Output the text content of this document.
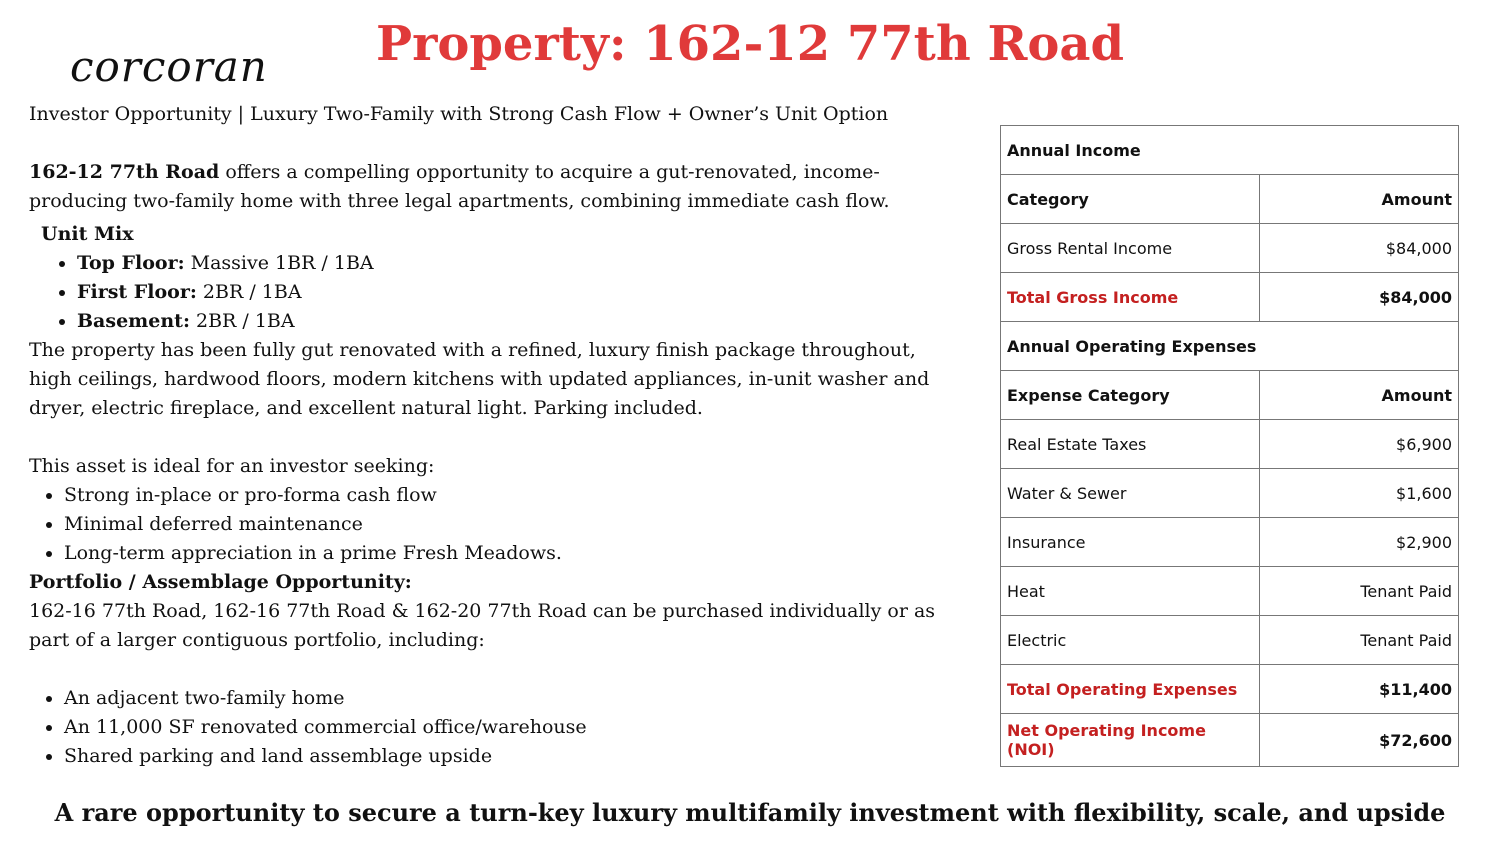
corcoran	Property: 162-12 77th Road

Investor Opportunity | Luxury Two-Family with Strong Cash Flow + Owner’s Unit Option

162-12 77th Road offers a compelling opportunity to acquire a gut-renovated, income-producing two-family home with three legal apartments, combining immediate cash flow.

Unit Mix
• Top Floor: Massive 1BR / 1BA
• First Floor: 2BR / 1BA
• Basement: 2BR / 1BA

The property has been fully gut renovated with a refined, luxury finish package throughout, high ceilings, hardwood floors, modern kitchens with updated appliances, in-unit washer and dryer, electric fireplace, and excellent natural light. Parking included.

This asset is ideal for an investor seeking:

• Strong in-place or pro-forma cash flow
• Minimal deferred maintenance
• Long-term appreciation in a prime Fresh Meadows.

Portfolio / Assemblage Opportunity:

162-16 77th Road, 162-16 77th Road & 162-20 77th Road can be purchased individually or as part of a larger contiguous portfolio, including:

• An adjacent two-family home
• An 11,000 SF renovated commercial office/warehouse
• Shared parking and land assemblage upside
Annual Income	
Category	Amount
Gross Rental Income	$84,000
Total Gross Income	$84,000
Annual Operating Expenses	
Expense Category	Amount
Real Estate Taxes	$6,900
Water & Sewer	$1,600
Insurance	$2,900
Heat	Tenant Paid
Electric	Tenant Paid
Total Operating Expenses	$11,400
Net Operating Income (NOI)	$72,600
A rare opportunity to secure a turn-key luxury multifamily investment with flexibility, scale, and upside
